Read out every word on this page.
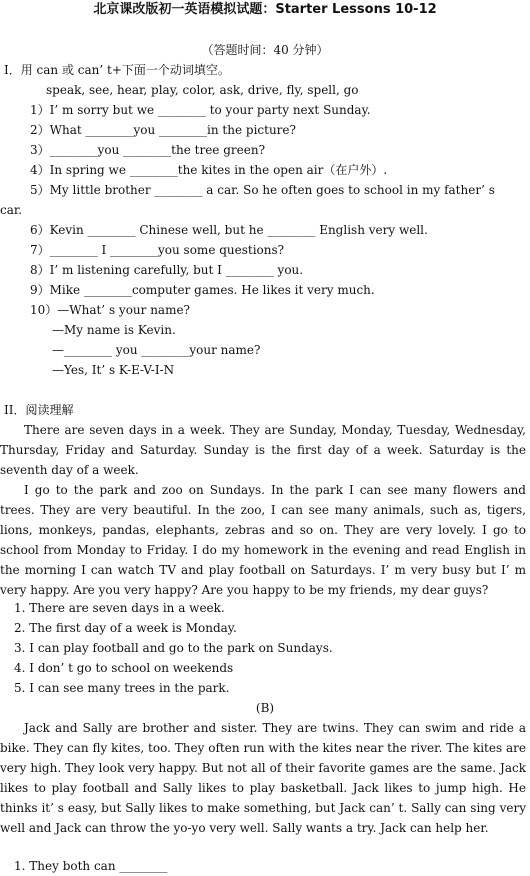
北京课改版初一英语模拟试题：Starter Lessons 10-12
（答题时间：40 分钟）
I．用 can 或 can’ t+下面一个动词填空。
speak, see, hear, play, color, ask, drive, fly, spell, go
1）I’ m sorry but we ________ to your party next Sunday.
2）What ________you ________in the picture?
3）________you ________the tree green?
4）In spring we ________the kites in the open air（在户外）.
5）My little brother ________ a car. So he often goes to school in my father’ s
car.
6）Kevin ________ Chinese well, but he ________ English very well.
7）________ I ________you some questions?
8）I’ m listening carefully, but I ________ you.
9）Mike ________computer games. He likes it very much.
10）—What’ s your name?
—My name is Kevin.
—________ you ________your name?
—Yes, It’ s K-E-V-I-N
II．阅读理解

There are seven days in a week. They are Sunday, Monday, Tuesday, Wednesday, Thursday, Friday and Saturday. Sunday is the first day of a week. Saturday is the seventh day of a week.

I go to the park and zoo on Sundays. In the park I can see many flowers and trees. They are very beautiful. In the zoo, I can see many animals, such as, tigers, lions, monkeys, pandas, elephants, zebras and so on. They are very lovely. I go to school from Monday to Friday. I do my homework in the evening and read English in the morning I can watch TV and play football on Saturdays. I’ m very busy but I’ m very happy. Are you very happy? Are you happy to be my friends, my dear guys?

1. There are seven days in a week.
2. The first day of a week is Monday.
3. I can play football and go to the park on Sundays.
4. I don’ t go to school on weekends
5. I can see many trees in the park.
(B)

Jack and Sally are brother and sister. They are twins. They can swim and ride a bike. They can fly kites, too. They often run with the kites near the river. The kites are very high. They look very happy. But not all of their favorite games are the same. Jack likes to play football and Sally likes to play basketball. Jack likes to jump high. He thinks it’ s easy, but Sally likes to make something, but Jack can’ t. Sally can sing very well and Jack can throw the yo-yo very well. Sally wants a try. Jack can help her.

1. They both can ________
